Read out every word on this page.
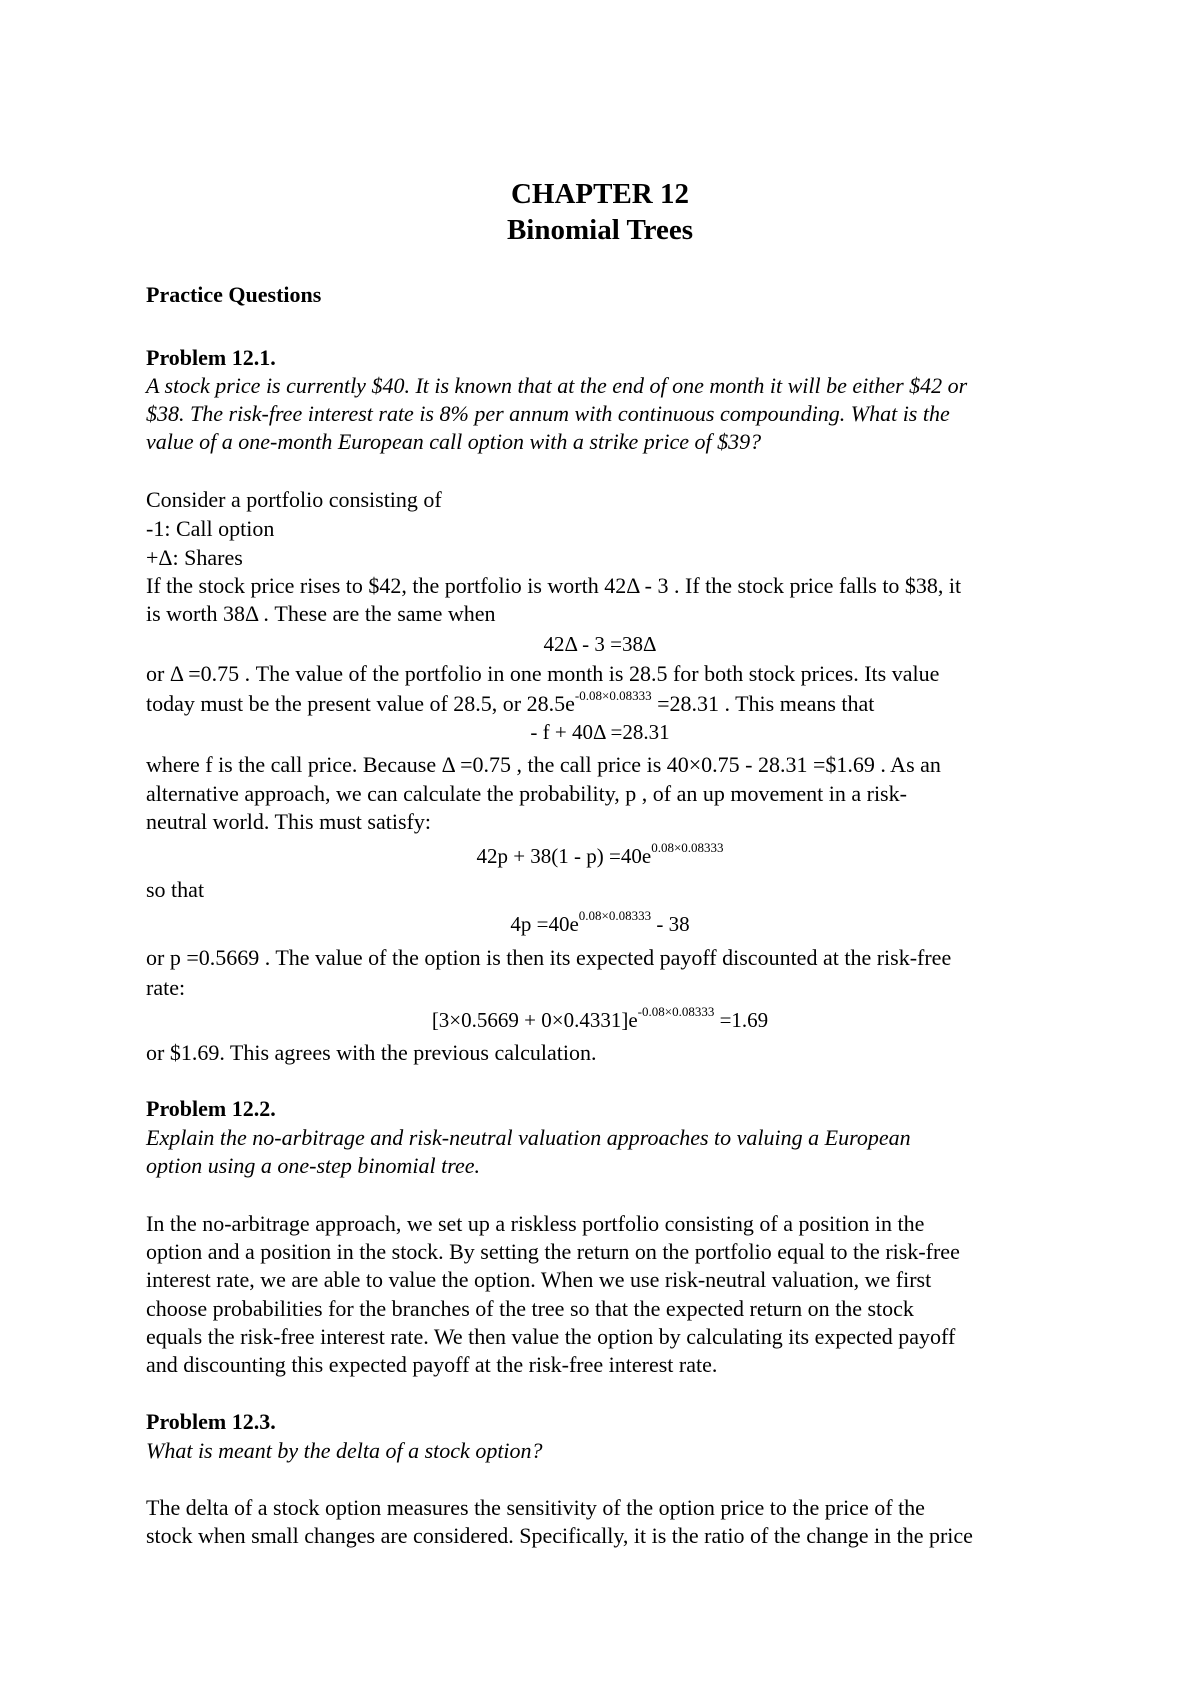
CHAPTER 12
Binomial Trees
Practice Questions
Problem 12.1.
A stock price is currently $40. It is known that at the end of one month it will be either $42 or
$38. The risk-free interest rate is 8% per annum with continuous compounding. What is the
value of a one-month European call option with a strike price of $39?
Consider a portfolio consisting of
-1: Call option
+Δ: Shares
If the stock price rises to $42, the portfolio is worth 42Δ - 3 . If the stock price falls to $38, it
is worth 38Δ . These are the same when
42Δ - 3 =38Δ
or Δ =0.75 . The value of the portfolio in one month is 28.5 for both stock prices. Its value
today must be the present value of 28.5, or $28.5e^{-0.08\times 0.08333} =28.31$ . This means that
- f + 40Δ =28.31
where f is the call price. Because Δ =0.75 , the call price is 40×0.75 - 28.31 =$1.69 . As an
alternative approach, we can calculate the probability, p , of an up movement in a risk-
neutral world. This must satisfy:
$42p + 38(1 - p) =40e^{0.08\times 0.08333}$
so that
$4p =40e^{0.08\times 0.08333} - 38$
or p =0.5669 . The value of the option is then its expected payoff discounted at the risk-free
rate:
$[3\times 0.5669 + 0\times 0.4331]e^{-0.08\times 0.08333} =1.69$
or $1.69. This agrees with the previous calculation.
Problem 12.2.
Explain the no-arbitrage and risk-neutral valuation approaches to valuing a European
option using a one-step binomial tree.
In the no-arbitrage approach, we set up a riskless portfolio consisting of a position in the
option and a position in the stock. By setting the return on the portfolio equal to the risk-free
interest rate, we are able to value the option. When we use risk-neutral valuation, we first
choose probabilities for the branches of the tree so that the expected return on the stock
equals the risk-free interest rate. We then value the option by calculating its expected payoff
and discounting this expected payoff at the risk-free interest rate.
Problem 12.3.
What is meant by the delta of a stock option?
The delta of a stock option measures the sensitivity of the option price to the price of the
stock when small changes are considered. Specifically, it is the ratio of the change in the price
